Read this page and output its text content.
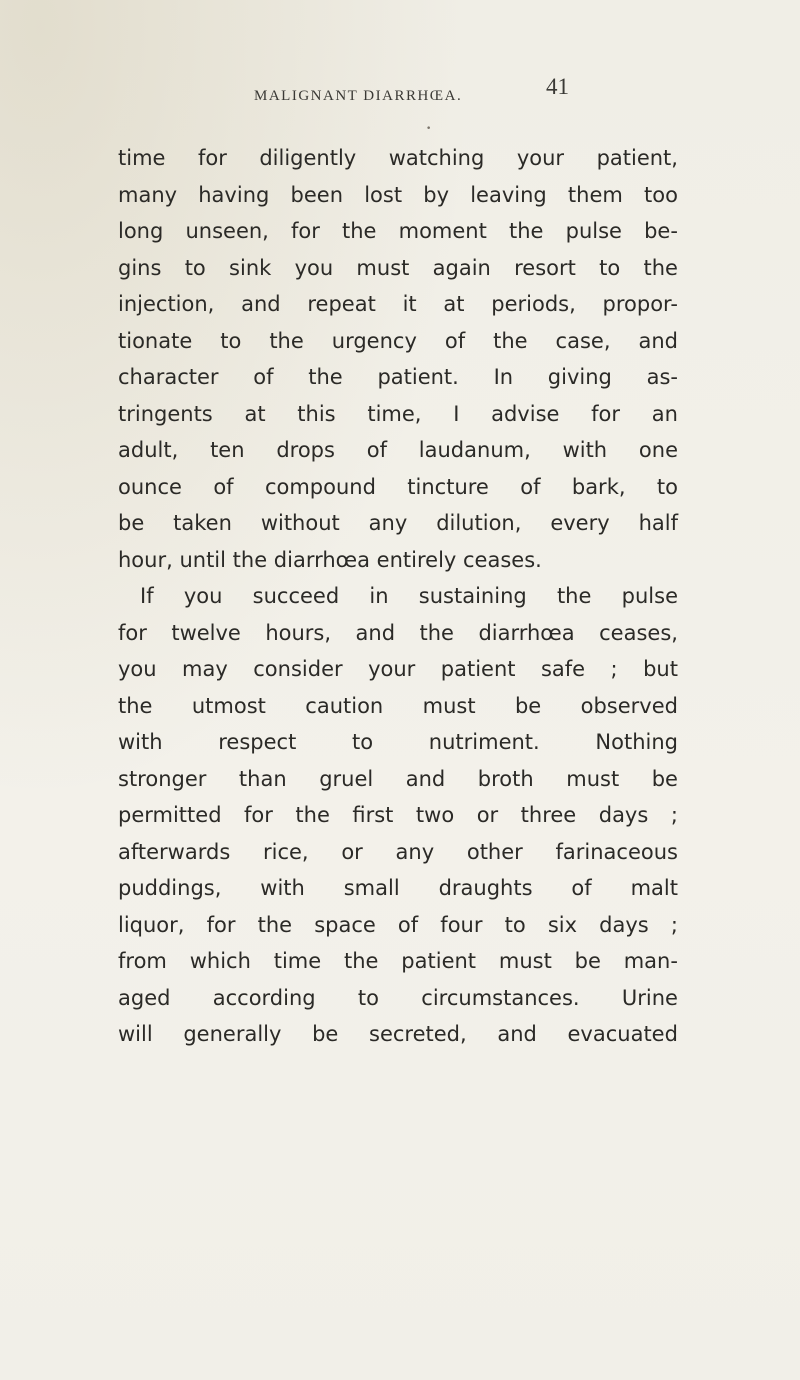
MALIGNANT DIARRHŒA.	41
•
time for diligently watching your patient,
many having been lost by leaving them too
long unseen, for the moment the pulse be-
gins to sink you must again resort to the
injection, and repeat it at periods, propor-
tionate to the urgency of the case, and
character of the patient. In giving as-
tringents at this time, I advise for an
adult, ten drops of laudanum, with one
ounce of compound tincture of bark, to
be taken without any dilution, every half
hour, until the diarrhœa entirely ceases.
If you succeed in sustaining the pulse
for twelve hours, and the diarrhœa ceases,
you may consider your patient safe ; but
the utmost caution must be observed
with	respect	to	nutriment.	Nothing
stronger than gruel and broth must be
permitted for the first two or three days ;
afterwards rice, or any other farinaceous
puddings, with small draughts of malt
liquor, for the space of four to six days ;
from which time the patient must be man-
aged according to circumstances. Urine
will generally be secreted, and evacuated
